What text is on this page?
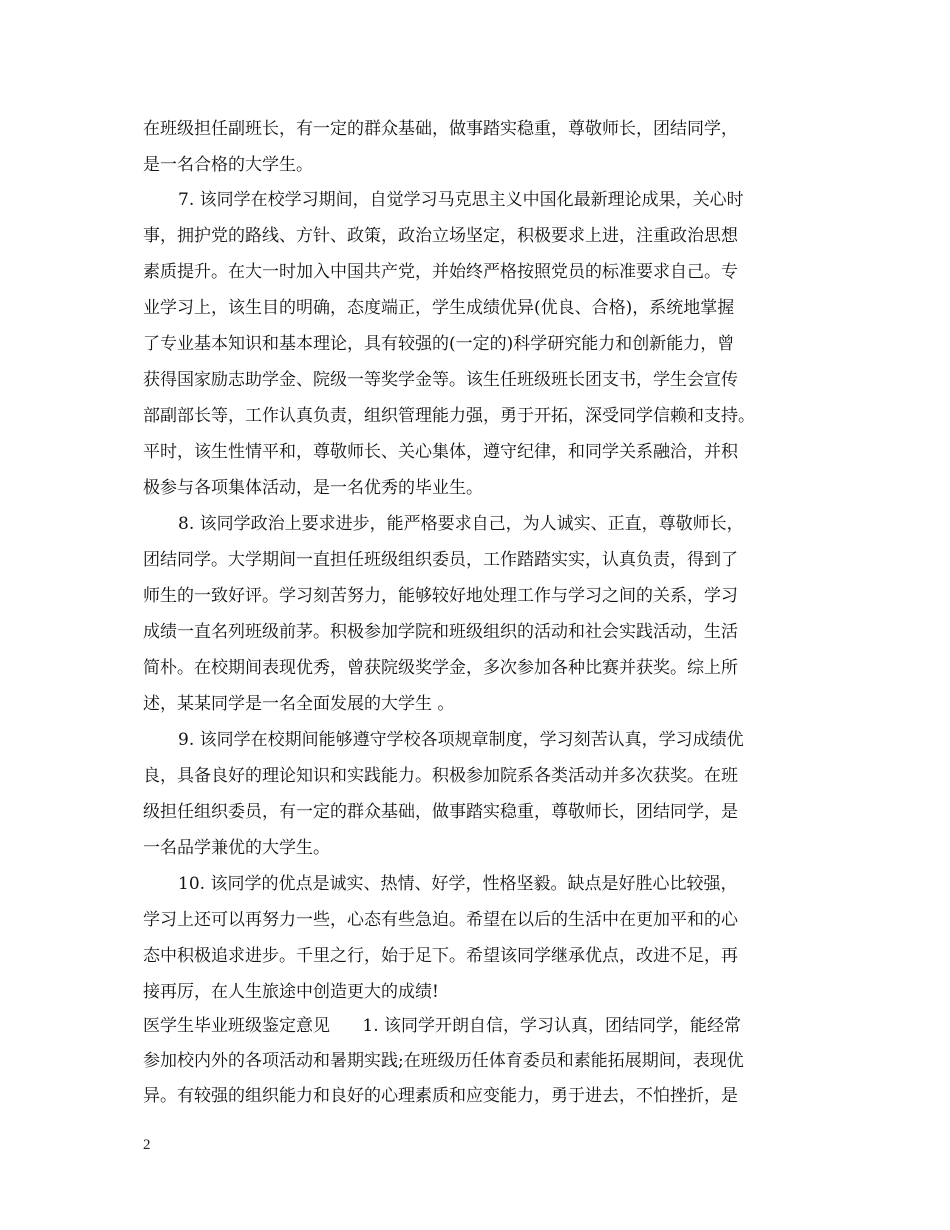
在班级担任副班长，有一定的群众基础，做事踏实稳重，尊敬师长，团结同学，
是一名合格的大学生。
7. 该同学在校学习期间，自觉学习马克思主义中国化最新理论成果，关心时
事，拥护党的路线、方针、政策，政治立场坚定，积极要求上进，注重政治思想
素质提升。在大一时加入中国共产党，并始终严格按照党员的标准要求自己。专
业学习上，该生目的明确，态度端正，学生成绩优异(优良、合格)，系统地掌握
了专业基本知识和基本理论，具有较强的(一定的)科学研究能力和创新能力，曾
获得国家励志助学金、院级一等奖学金等。该生任班级班长团支书，学生会宣传
部副部长等，工作认真负责，组织管理能力强，勇于开拓，深受同学信赖和支持。
平时，该生性情平和，尊敬师长、关心集体，遵守纪律，和同学关系融洽，并积
极参与各项集体活动，是一名优秀的毕业生。
8. 该同学政治上要求进步，能严格要求自己，为人诚实、正直，尊敬师长，
团结同学。大学期间一直担任班级组织委员，工作踏踏实实，认真负责，得到了
师生的一致好评。学习刻苦努力，能够较好地处理工作与学习之间的关系，学习
成绩一直名列班级前茅。积极参加学院和班级组织的活动和社会实践活动，生活
简朴。在校期间表现优秀，曾获院级奖学金，多次参加各种比赛并获奖。综上所
述，某某同学是一名全面发展的大学生 。
9. 该同学在校期间能够遵守学校各项规章制度，学习刻苦认真，学习成绩优
良，具备良好的理论知识和实践能力。积极参加院系各类活动并多次获奖。在班
级担任组织委员，有一定的群众基础，做事踏实稳重，尊敬师长，团结同学，是
一名品学兼优的大学生。
10. 该同学的优点是诚实、热情、好学，性格坚毅。缺点是好胜心比较强，
学习上还可以再努力一些，心态有些急迫。希望在以后的生活中在更加平和的心
态中积极追求进步。千里之行，始于足下。希望该同学继承优点，改进不足，再
接再厉，在人生旅途中创造更大的成绩!
医学生毕业班级鉴定意见      1. 该同学开朗自信，学习认真，团结同学，能经常
参加校内外的各项活动和暑期实践;在班级历任体育委员和素能拓展期间，表现优
异。有较强的组织能力和良好的心理素质和应变能力，勇于进去，不怕挫折，是
2
